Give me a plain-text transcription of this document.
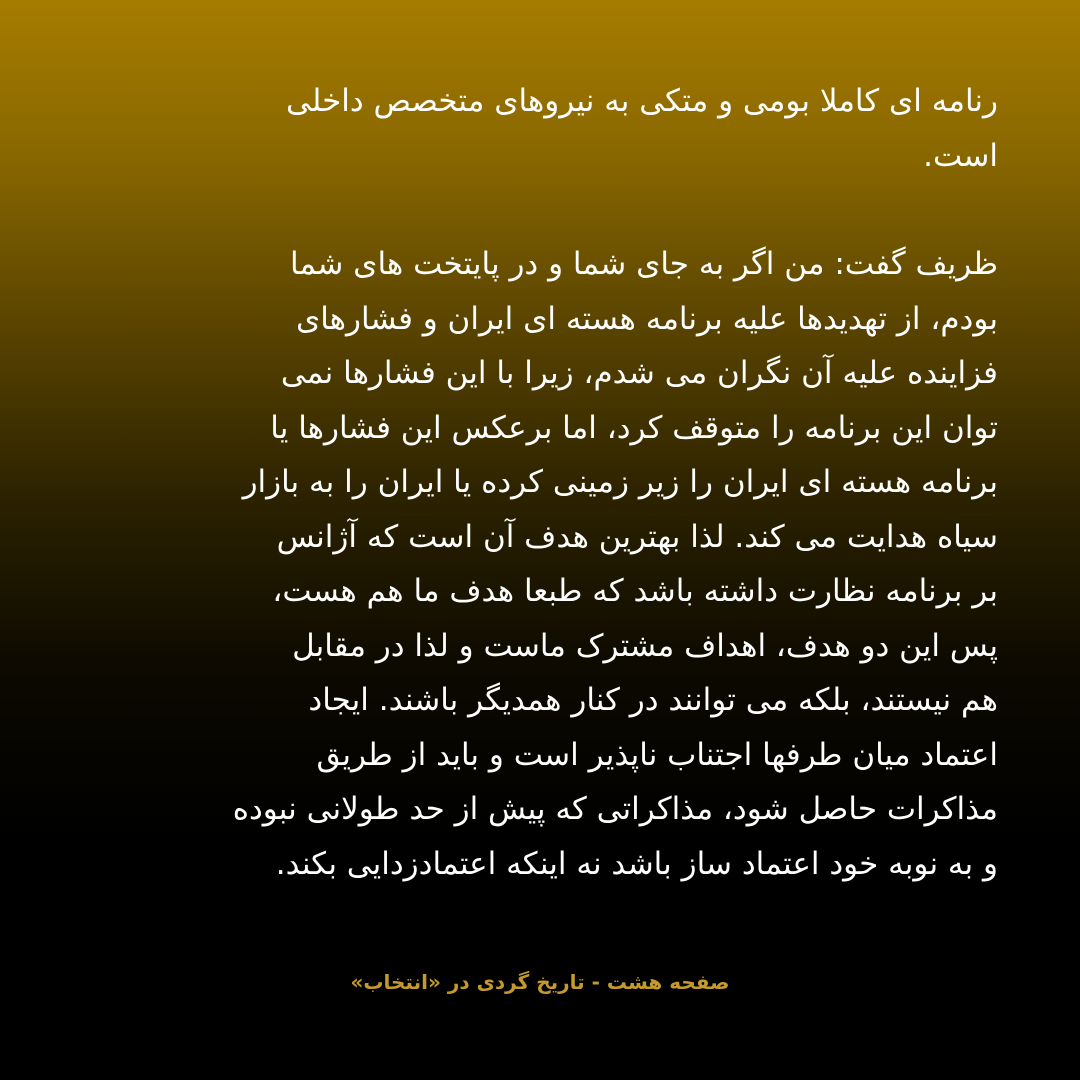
رنامه ای کاملا بومی و متکی به نیروهای متخصص داخلی
است.

ظریف گفت: من اگر به جای شما و در پایتخت های شما
بودم، از تهدیدها علیه برنامه هسته ای ایران و فشارهای
فزاینده علیه آن نگران می شدم، زیرا با این فشارها نمی
توان این برنامه را متوقف کرد، اما برعکس این فشارها یا
برنامه هسته ای ایران را زیر زمینی کرده یا ایران را به بازار
سیاه هدایت می کند. لذا بهترین هدف آن است که آژانس
بر برنامه نظارت داشته باشد که طبعا هدف ما هم هست،
پس این دو هدف، اهداف مشترک ماست و لذا در مقابل
هم نیستند، بلکه می توانند در کنار همدیگر باشند. ایجاد
اعتماد میان طرفها اجتناب ناپذیر است و باید از طریق
مذاکرات حاصل شود، مذاکراتی که پیش از حد طولانی نبوده
و به نوبه خود اعتماد ساز باشد نه اینکه اعتمادزدایی بکند.

صفحه هشت - تاریخ گردی در «انتخاب»
